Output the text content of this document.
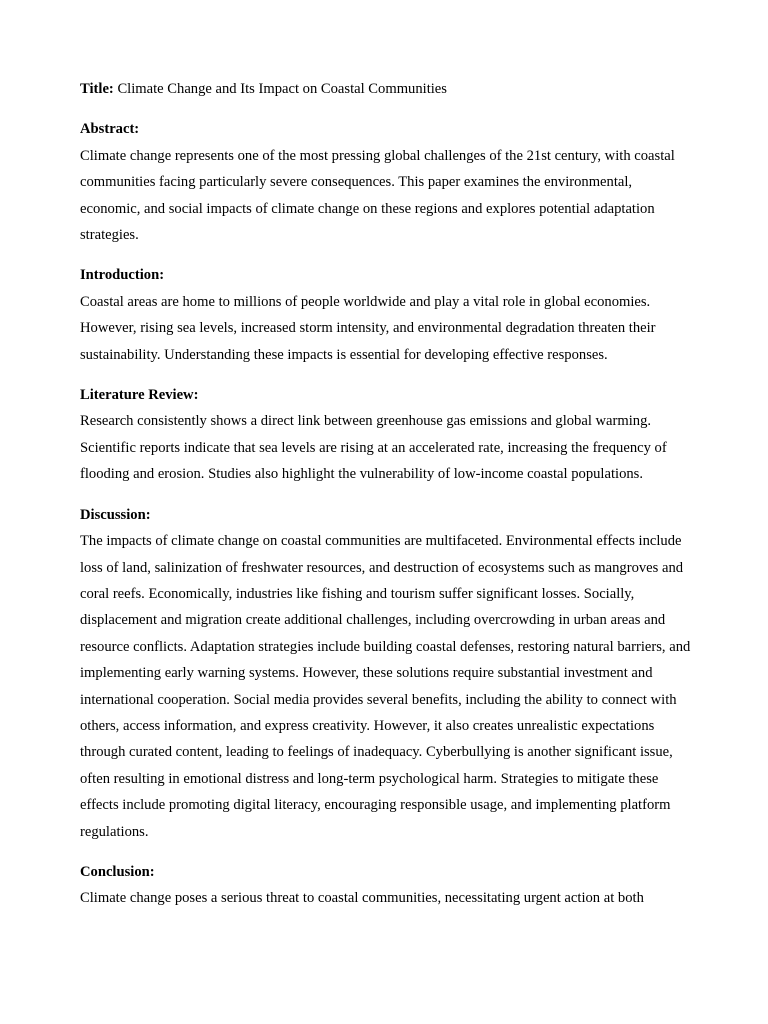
Title: Climate Change and Its Impact on Coastal Communities

Abstract:

Climate change represents one of the most pressing global challenges of the 21st century, with coastal communities facing particularly severe consequences. This paper examines the environmental, economic, and social impacts of climate change on these regions and explores potential adaptation strategies.

Introduction:

Coastal areas are home to millions of people worldwide and play a vital role in global economies. However, rising sea levels, increased storm intensity, and environmental degradation threaten their sustainability. Understanding these impacts is essential for developing effective responses.

Literature Review:

Research consistently shows a direct link between greenhouse gas emissions and global warming. Scientific reports indicate that sea levels are rising at an accelerated rate, increasing the frequency of flooding and erosion. Studies also highlight the vulnerability of low-income coastal populations.

Discussion:

The impacts of climate change on coastal communities are multifaceted. Environmental effects include loss of land, salinization of freshwater resources, and destruction of ecosystems such as mangroves and coral reefs. Economically, industries like fishing and tourism suffer significant losses. Socially, displacement and migration create additional challenges, including overcrowding in urban areas and resource conflicts. Adaptation strategies include building coastal defenses, restoring natural barriers, and implementing early warning systems. However, these solutions require substantial investment and international cooperation. Social media provides several benefits, including the ability to connect with others, access information, and express creativity. However, it also creates unrealistic expectations through curated content, leading to feelings of inadequacy. Cyberbullying is another significant issue, often resulting in emotional distress and long-term psychological harm. Strategies to mitigate these effects include promoting digital literacy, encouraging responsible usage, and implementing platform regulations.

Conclusion:

Climate change poses a serious threat to coastal communities, necessitating urgent action at both
